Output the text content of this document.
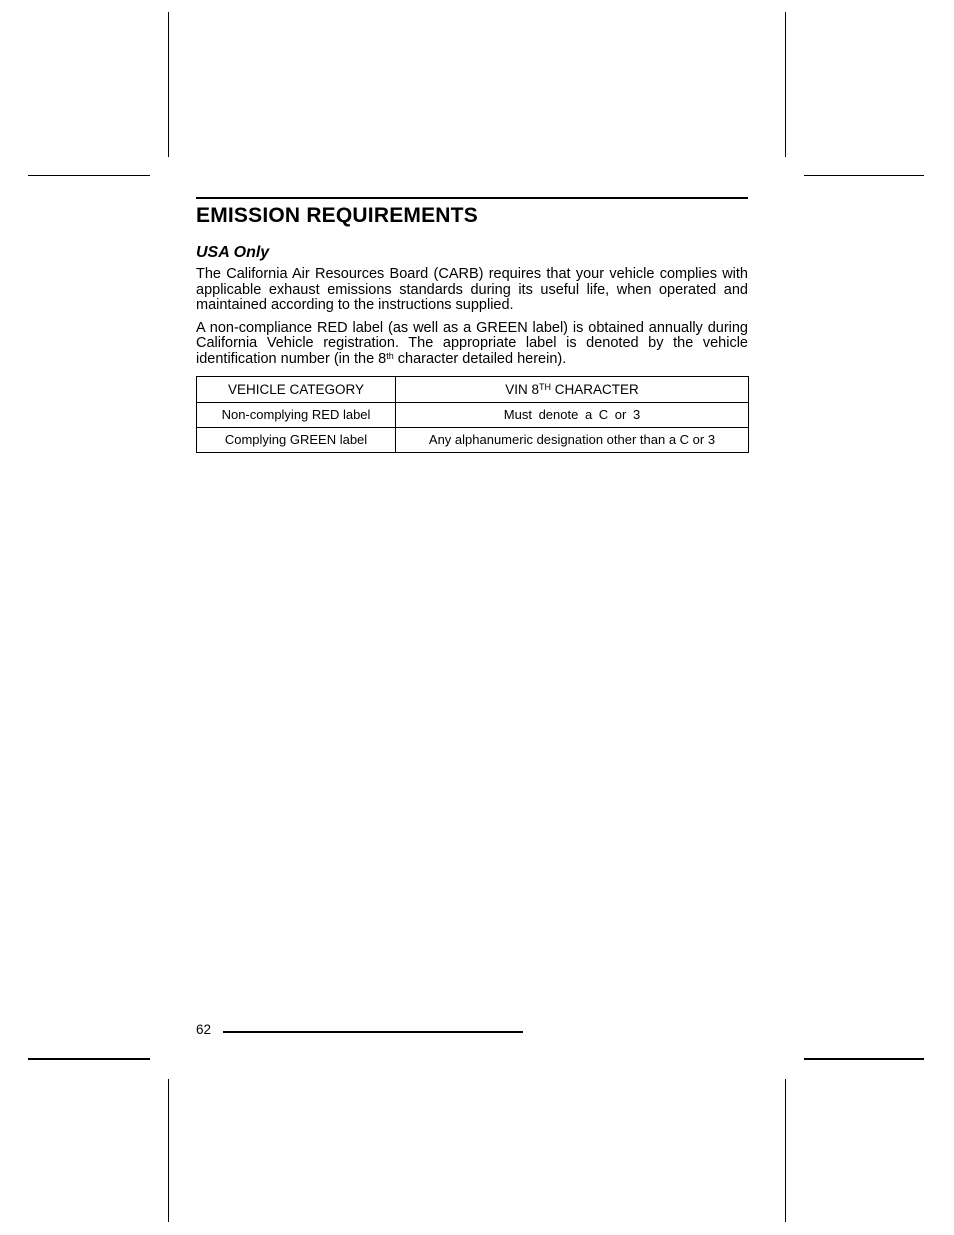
EMISSION REQUIREMENTS
USA Only

The California Air Resources Board (CARB) requires that your vehicle complies with applicable exhaust emissions standards during its useful life, when operated and maintained according to the instructions supplied.

A non-compliance RED label (as well as a GREEN label) is obtained annually during California Vehicle registration. The appropriate label is denoted by the vehicle identification number (in the 8th character detailed herein).

VEHICLE CATEGORY	VIN 8TH CHARACTER
Non-complying RED label	Must denote a C or 3
Complying GREEN label	Any alphanumeric designation other than a C or 3
62
